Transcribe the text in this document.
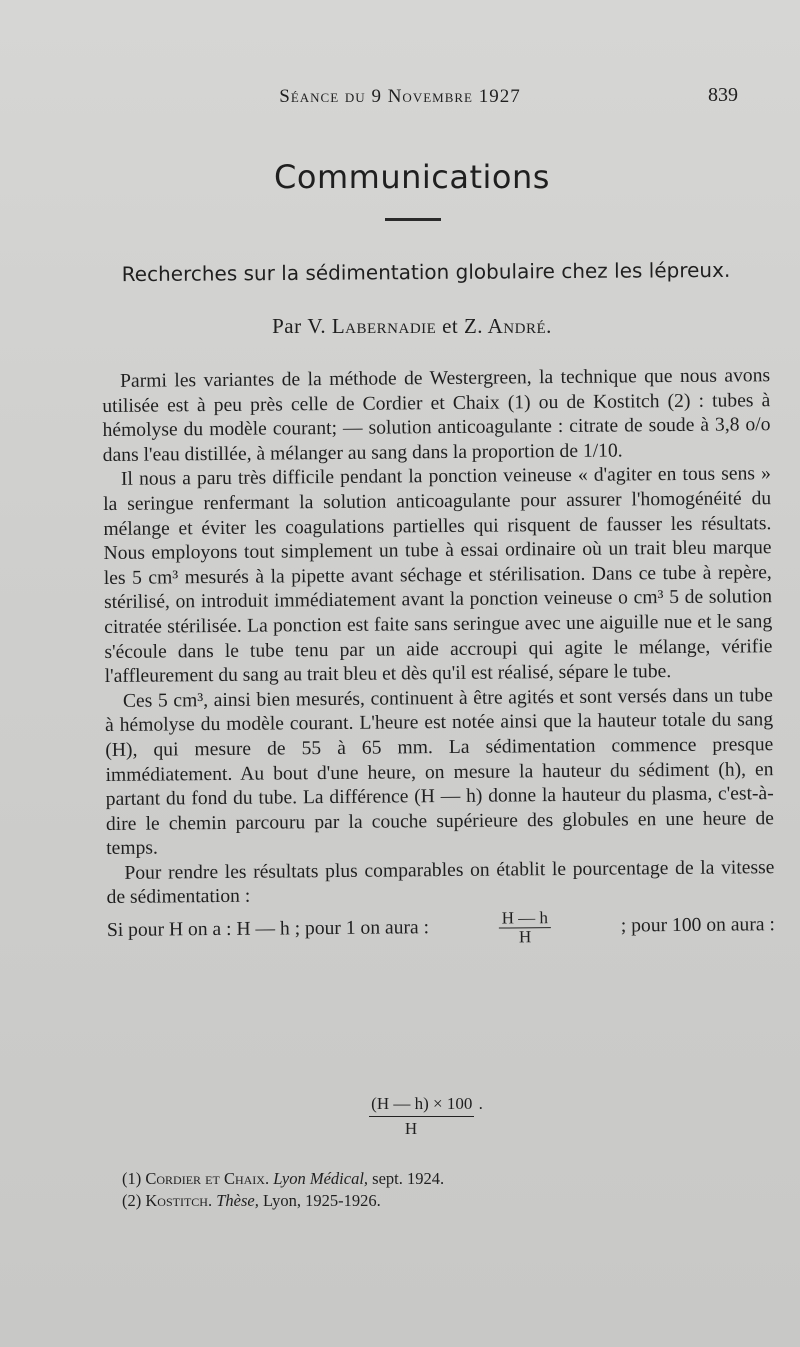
Séance du 9 Novembre 1927	839
Communications
Recherches sur la sédimentation globulaire chez les lépreux.
Par V. Labernadie et Z. André.

Parmi les variantes de la méthode de Westergreen, la technique que nous avons utilisée est à peu près celle de Cordier et Chaix (1) ou de Kostitch (2) : tubes à hémolyse du modèle courant; — solution anticoagulante : citrate de soude à 3,8 o/o dans l'eau distillée, à mélanger au sang dans la proportion de 1/10.

Il nous a paru très difficile pendant la ponction veineuse « d'agiter en tous sens » la seringue renfermant la solution anticoagulante pour assurer l'homogénéité du mélange et éviter les coagulations partielles qui risquent de fausser les résultats. Nous employons tout simplement un tube à essai ordinaire où un trait bleu marque les 5 cm³ mesurés à la pipette avant séchage et stérilisation. Dans ce tube à repère, stérilisé, on introduit immédiatement avant la ponction veineuse o cm³ 5 de solution citratée stérilisée. La ponction est faite sans seringue avec une aiguille nue et le sang s'écoule dans le tube tenu par un aide accroupi qui agite le mélange, vérifie l'affleurement du sang au trait bleu et dès qu'il est réalisé, sépare le tube.

Ces 5 cm³, ainsi bien mesurés, continuent à être agités et sont versés dans un tube à hémolyse du modèle courant. L'heure est notée ainsi que la hauteur totale du sang (H), qui mesure de 55 à 65 mm. La sédimentation commence presque immédiatement. Au bout d'une heure, on mesure la hauteur du sédiment (h), en partant du fond du tube. La différence (H — h) donne la hauteur du plasma, c'est-à-dire le chemin parcouru par la couche supérieure des globules en une heure de temps.

Pour rendre les résultats plus comparables on établit le pourcentage de la vitesse de sédimentation :

Si pour H on a : H — h ; pour 1 on aura :	$\frac{H — h}{H}$	; pour 100 on aura :
(H — h) × 100 .
H
(1) Cordier et Chaix. Lyon Médical, sept. 1924.
(2) Kostitch. Thèse, Lyon, 1925-1926.
